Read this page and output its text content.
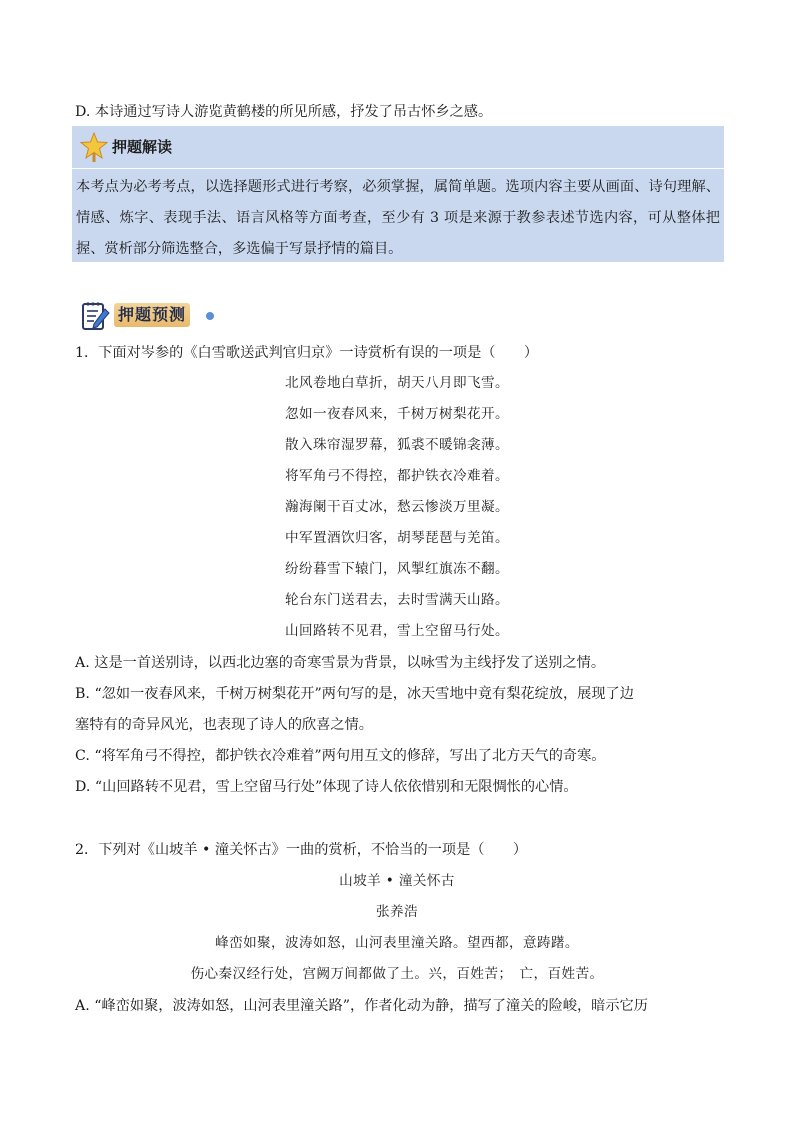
D. 本诗通过写诗人游览黄鹤楼的所见所感，抒发了吊古怀乡之感。
押题解读
本考点为必考考点，以选择题形式进行考察，必须掌握，属简单题。选项内容主要从画面、诗句理解、情感、炼字、表现手法、语言风格等方面考查，至少有 3 项是来源于教参表述节选内容，可从整体把握、赏析部分筛选整合，多选偏于写景抒情的篇目。
押题预测
1．下面对岑参的《白雪歌送武判官归京》一诗赏析有误的一项是（　　）
北风卷地白草折，胡天八月即飞雪。
忽如一夜春风来，千树万树梨花开。
散入珠帘湿罗幕，狐裘不暖锦衾薄。
将军角弓不得控，都护铁衣冷难着。
瀚海阑干百丈冰，愁云惨淡万里凝。
中军置酒饮归客，胡琴琵琶与羌笛。
纷纷暮雪下辕门，风掣红旗冻不翻。
轮台东门送君去，去时雪满天山路。
山回路转不见君，雪上空留马行处。
A. 这是一首送别诗，以西北边塞的奇寒雪景为背景，以咏雪为主线抒发了送别之情。
B. “忽如一夜春风来，千树万树梨花开”两句写的是，冰天雪地中竟有梨花绽放，展现了边
塞特有的奇异风光，也表现了诗人的欣喜之情。
C. “将军角弓不得控，都护铁衣冷难着”两句用互文的修辞，写出了北方天气的奇寒。
D. “山回路转不见君，雪上空留马行处”体现了诗人依依惜别和无限惆怅的心情。
2．下列对《山坡羊 • 潼关怀古》一曲的赏析，不恰当的一项是（　　）
山坡羊 • 潼关怀古
张养浩
峰峦如聚，波涛如怒，山河表里潼关路。望西都，意踌躇。
伤心秦汉经行处，宫阙万间都做了土。兴，百姓苦；　亡，百姓苦。
A. “峰峦如聚，波涛如怒，山河表里潼关路”，作者化动为静，描写了潼关的险峻，暗示它历
